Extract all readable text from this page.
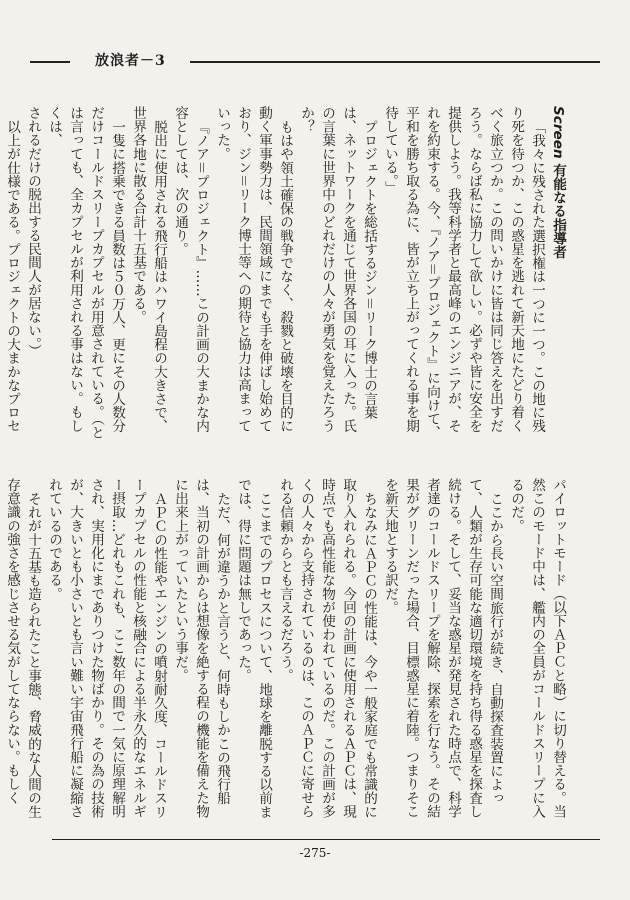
放浪者－3

Screen 有能なる指導者

「我々に残された選択権は一つに一つ。この地に残り死を待つか、この惑星を逃れて新天地にたどり着くべく旅立つか。この問いかけに皆は同じ答えを出すだろう。ならば私に協力して欲しい。必ずや皆に安全を提供しよう。我等科学者と最高峰のエンジニアが、それを約束する。今、『ノア＝プロジェクト』に向けて、平和を勝ち取る為に、皆が立ち上がってくれる事を期待している。」

プロジェクトを総括するジン＝リーク博士の言葉は、ネットワークを通じて世界各国の耳に入った。氏の言葉に世界中のどれだけの人々が勇気を覚えたろうか？

もはや領土確保の戦争でなく、殺戮と破壊を目的に動く軍事勢力は、民間領域にまでも手を伸ばし始めており、ジン＝リーク博士等への期待と協力は高まっていった。

『ノア＝プロジェクト』……この計画の大まかな内容としては、次の通り。

脱出に使用される飛行船はハワイ島程の大きさで、世界各地に散る合計十五基である。

一隻に搭乗できる員数は５０万人、更にその人数分だけコールドスリープカプセルが用意されている。（とは言っても、全カプセルが利用される事はない。もしくは、

されるだけの脱出する民間人が居ない。）

以上が仕様である。プロジェクトの大まかなプロセ

パイロットモード（以下ＡＰＣと略）に切り替える。当然このモード中は、艦内の全員がコールドスリープに入るのだ。

ここから長い空間旅行が続き、自動探査装置によって、人類が生存可能な適切環境を持ち得る惑星を探査し続ける。そして、妥当な惑星が発見された時点で、科学者達のコールドスリープを解除、探索を行なう。その結果がグリーンだった場合、目標惑星に着陸。つまりそこを新天地とする訳だ。

ちなみにＡＰＣの性能は、今や一般家庭でも常識的に取り入れられる。今回の計画に使用されるＡＰＣは、現時点でも高性能な物が使われているのだ。この計画が多くの人々から支持されているのは、このＡＰＣに寄せられる信頼からとも言えるだろう。

ここまでのプロセスについて、地球を離脱する以前までは、得に問題は無しであった。

ただ、何が違うかと言うと、何時もしかこの飛行船は、当初の計画からは想像を絶する程の機能を備えた物に出来上がっていたという事だ。

ＡＰＣの性能やエンジンの噴射耐久度、コールドスリープカプセルの性能と核融合による半永久的なエネルギー摂取…どれもこれも、ここ数年の間で一気に原理解明され、実用化にまでありつけた物ばかり。その為の技術が、大きいとも小さいとも言い難い宇宙飛行船に凝縮されているのである。

それが十五基も造られたこと事態、脅威的な人間の生存意識の強さを感じさせる気がしてならない。もしく

-275-
